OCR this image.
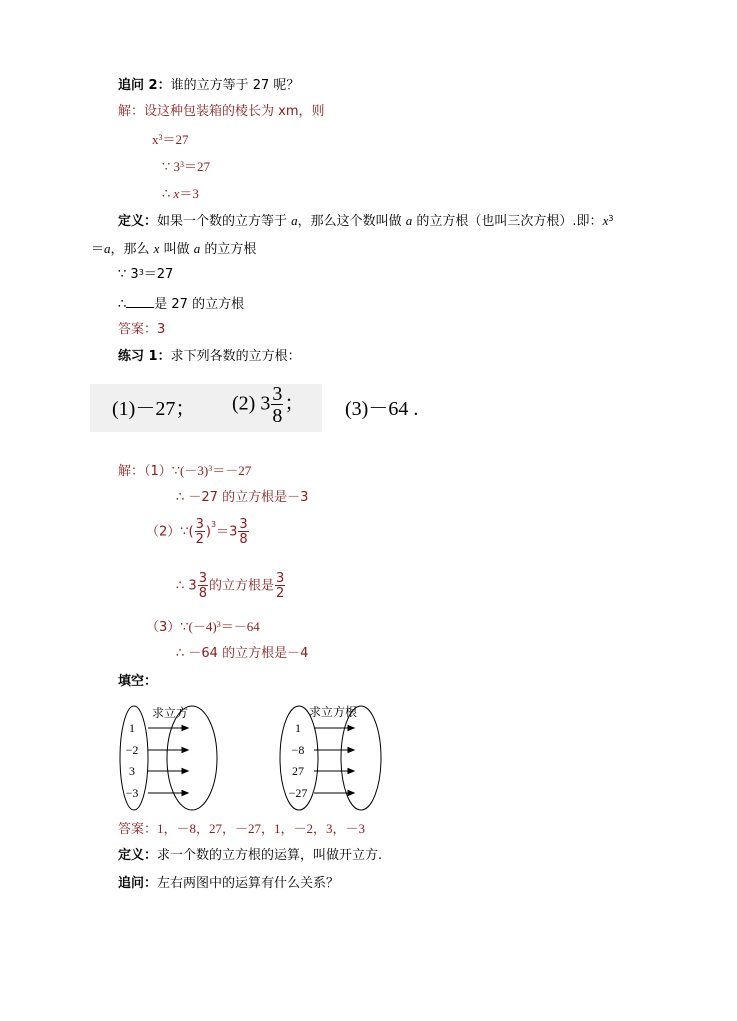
追问 2：谁的立方等于 27 呢？
解：设这种包装箱的棱长为 xm，则
$x^3=27$
∵ $3^3=27$
∴ x＝3
定义：如果一个数的立方等于 a，那么这个数叫做 a 的立方根（也叫三次方根）.即：$x^3$
＝a，那么 x 叫做 a 的立方根
∵ $3^3=27$
∴ 是 27 的立方根
答案：3
练习 1：求下列各数的立方根：
(1)－27； (2) $3 \frac{3}{8}$ ； (3)－64 .
解：$(1)\because(-3)^3=-27$
∴ －27 的立方根是－3
（2）∵( $\frac{3}{2} )^3=3 \frac{3}{8}$
∴ $3 \frac{3}{8}$ 的立方根是 $\frac{3}{2}$
$(3)\because(-4)^3=-64$
∴ －64 的立方根是－4
填空：
求立方
1
−2
3
−3
求立方根
1
−8
27
−27
答案：1，－8，27，－27，1，－2，3，－3
定义：求一个数的立方根的运算，叫做开立方.
追问：左右两图中的运算有什么关系？
